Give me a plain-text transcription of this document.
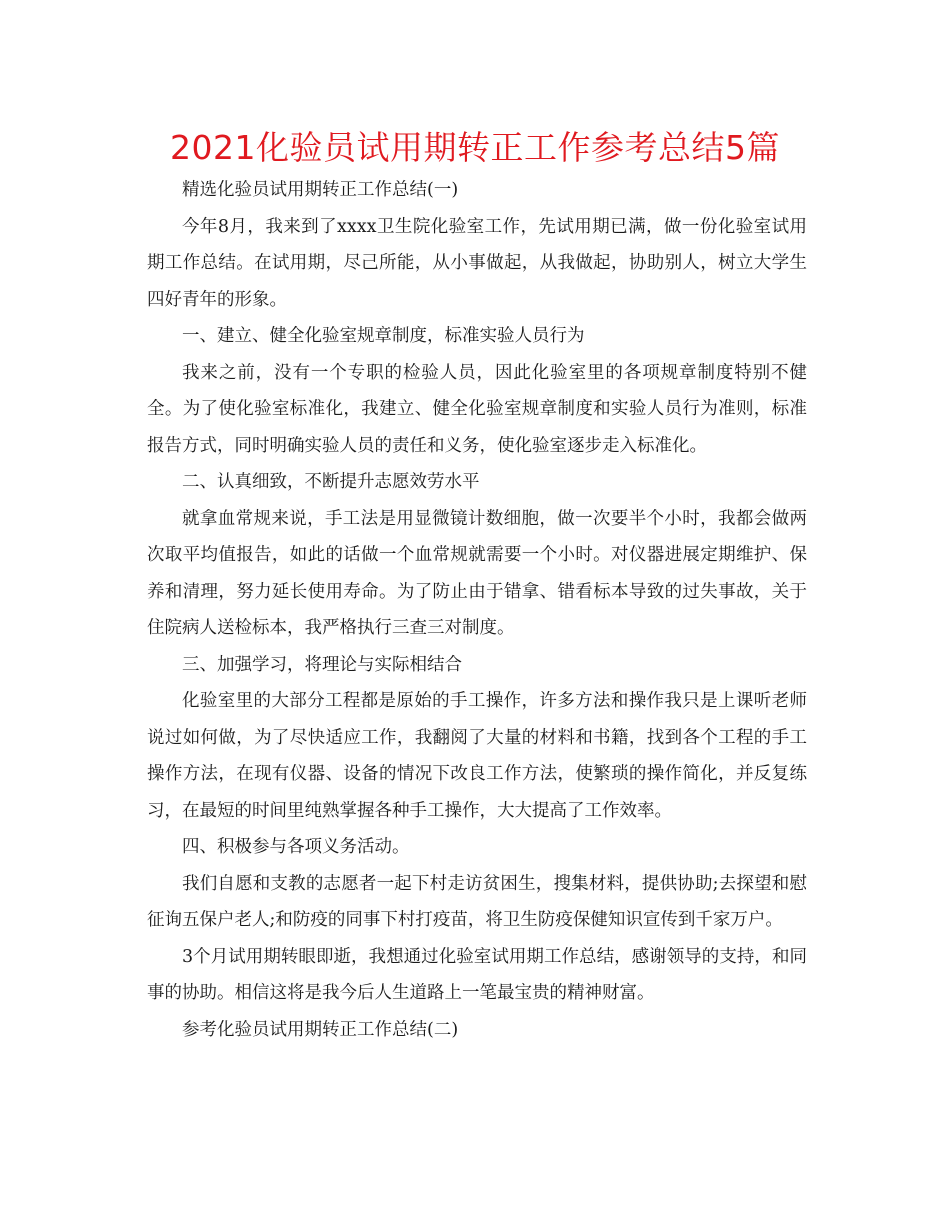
2021化验员试用期转正工作参考总结5篇

精选化验员试用期转正工作总结(一)

今年8月，我来到了xxxx卫生院化验室工作，先试用期已满，做一份化验室试用期工作总结。在试用期，尽己所能，从小事做起，从我做起，协助别人，树立大学生四好青年的形象。

一、建立、健全化验室规章制度，标准实验人员行为

我来之前，没有一个专职的检验人员，因此化验室里的各项规章制度特别不健全。为了使化验室标准化，我建立、健全化验室规章制度和实验人员行为准则，标准报告方式，同时明确实验人员的责任和义务，使化验室逐步走入标准化。

二、认真细致，不断提升志愿效劳水平

就拿血常规来说，手工法是用显微镜计数细胞，做一次要半个小时，我都会做两次取平均值报告，如此的话做一个血常规就需要一个小时。对仪器进展定期维护、保养和清理，努力延长使用寿命。为了防止由于错拿、错看标本导致的过失事故，关于住院病人送检标本，我严格执行三查三对制度。

三、加强学习，将理论与实际相结合

化验室里的大部分工程都是原始的手工操作，许多方法和操作我只是上课听老师说过如何做，为了尽快适应工作，我翻阅了大量的材料和书籍，找到各个工程的手工操作方法，在现有仪器、设备的情况下改良工作方法，使繁琐的操作简化，并反复练习，在最短的时间里纯熟掌握各种手工操作，大大提高了工作效率。

四、积极参与各项义务活动。

我们自愿和支教的志愿者一起下村走访贫困生，搜集材料，提供协助;去探望和慰征询五保户老人;和防疫的同事下村打疫苗，将卫生防疫保健知识宣传到千家万户。

3个月试用期转眼即逝，我想通过化验室试用期工作总结，感谢领导的支持，和同事的协助。相信这将是我今后人生道路上一笔最宝贵的精神财富。

参考化验员试用期转正工作总结(二)
